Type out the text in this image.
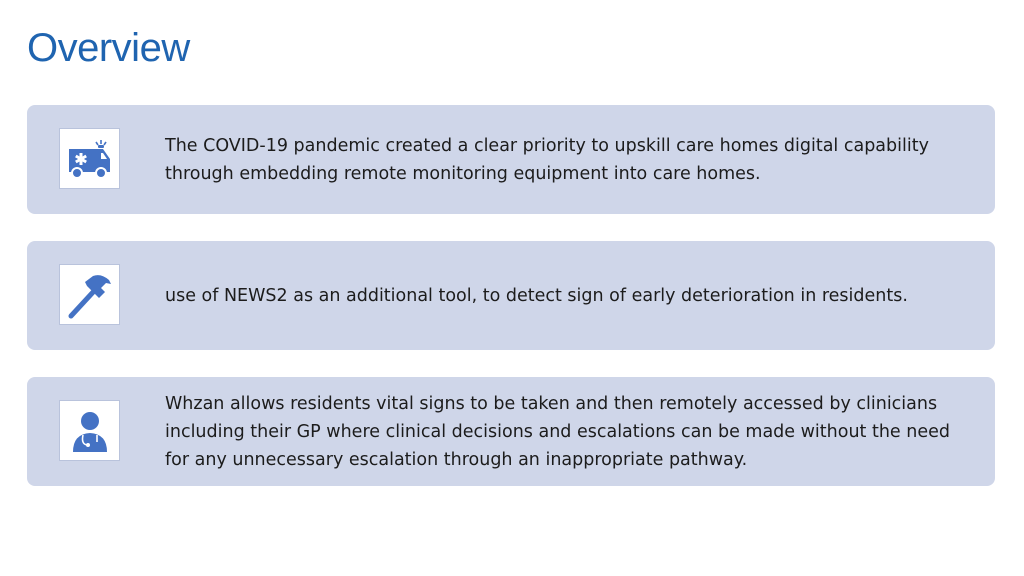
Overview
The COVID-19 pandemic created a clear priority to upskill care homes digital capability through embedding remote monitoring equipment into care homes.
use of NEWS2 as an additional tool, to detect sign of early deterioration in residents.
Whzan allows residents vital signs to be taken and then remotely accessed by clinicians including their GP where clinical decisions and escalations can be made without the need for any unnecessary escalation through an inappropriate pathway.
